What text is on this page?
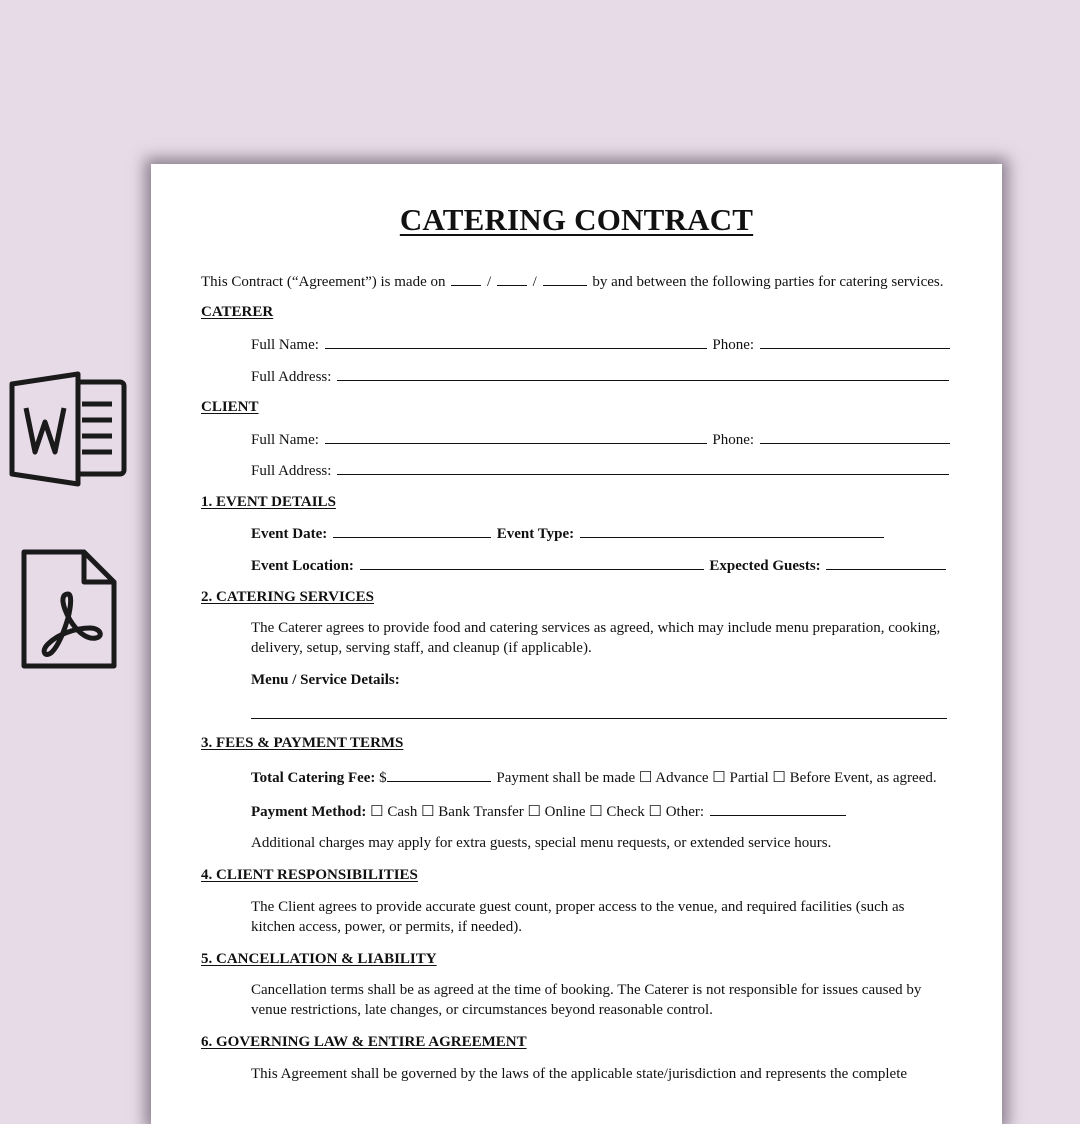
CATERING CONTRACT
This Contract (“Agreement”) is made on	/	/	by and between the following parties for catering services.
CATERER
Full Name:	Phone:
Full Address:
CLIENT
Full Name:	Phone:
Full Address:
1. EVENT DETAILS
Event Date:	Event Type:
Event Location:	Expected Guests:
2. CATERING SERVICES
The Caterer agrees to provide food and catering services as agreed, which may include menu preparation, cooking, delivery, setup, serving staff, and cleanup (if applicable).
Menu / Service Details:
3. FEES & PAYMENT TERMS
Total Catering Fee: $	Payment shall be made ☐ Advance ☐ Partial ☐ Before Event, as agreed.
Payment Method: ☐ Cash ☐ Bank Transfer ☐ Online ☐ Check ☐ Other:
Additional charges may apply for extra guests, special menu requests, or extended service hours.
4. CLIENT RESPONSIBILITIES
The Client agrees to provide accurate guest count, proper access to the venue, and required facilities (such as kitchen access, power, or permits, if needed).
5. CANCELLATION & LIABILITY
Cancellation terms shall be as agreed at the time of booking. The Caterer is not responsible for issues caused by venue restrictions, late changes, or circumstances beyond reasonable control.
6. GOVERNING LAW & ENTIRE AGREEMENT
This Agreement shall be governed by the laws of the applicable state/jurisdiction and represents the complete
